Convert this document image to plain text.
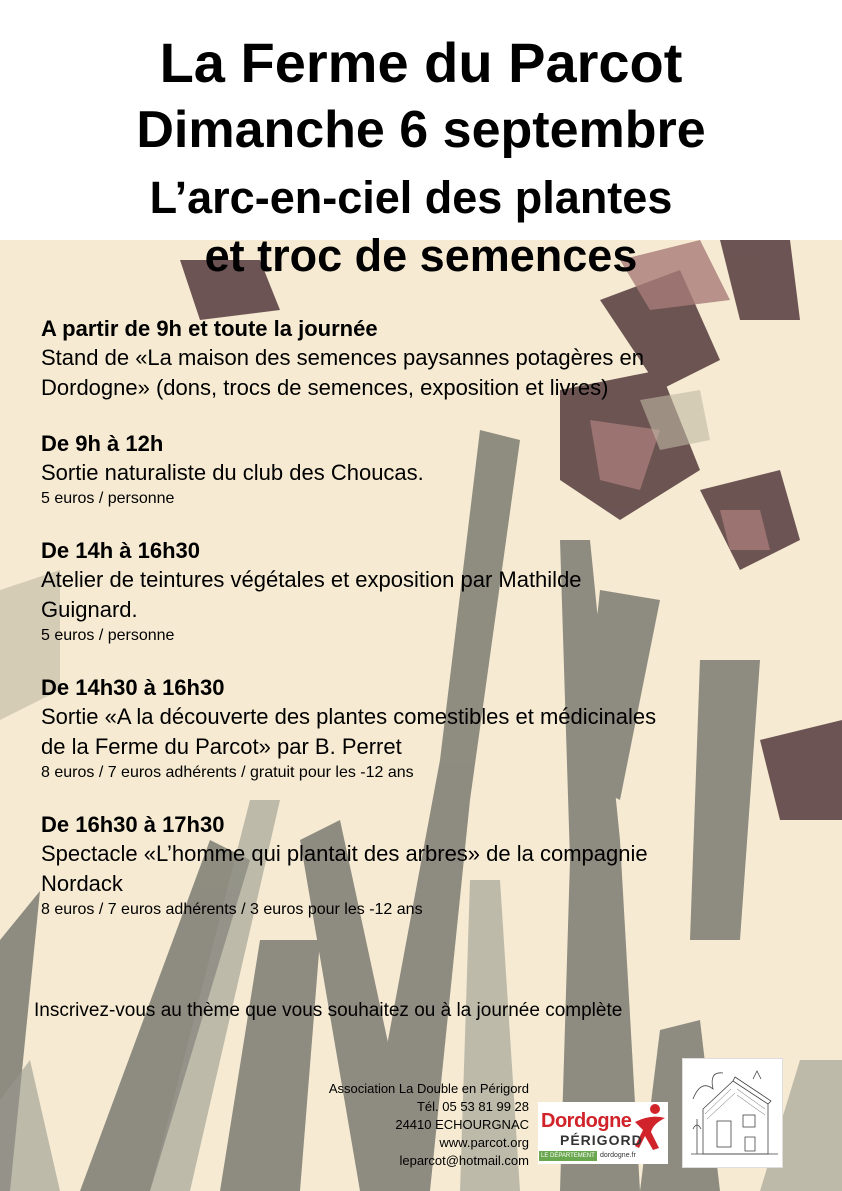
La Ferme du Parcot
Dimanche 6 septembre
L’arc-en-ciel des plantes
et troc de semences
A partir de 9h et toute la journée
Stand de «La maison des semences paysannes potagères en
Dordogne» (dons, trocs de semences, exposition et livres)
De 9h à 12h
Sortie naturaliste du club des Choucas.
5 euros / personne
De 14h à 16h30
Atelier de teintures végétales et exposition par Mathilde
Guignard.
5 euros / personne
De 14h30 à 16h30
Sortie «A la découverte des plantes comestibles et médicinales
de la Ferme du Parcot» par B. Perret
8 euros / 7 euros adhérents / gratuit pour les -12 ans
De 16h30 à 17h30
Spectacle «L’homme qui plantait des arbres» de la compagnie
Nordack
8 euros / 7 euros adhérents / 3 euros pour les -12 ans
Inscrivez-vous au thème que vous souhaitez ou à la journée complète
Association La Double en Périgord
Tél. 05 53 81 99 28
24410 ECHOURGNAC
www.parcot.org
leparcot@hotmail.com
Dordogne
PÉRIGORD
LE DÉPARTEMENT dordogne.fr
